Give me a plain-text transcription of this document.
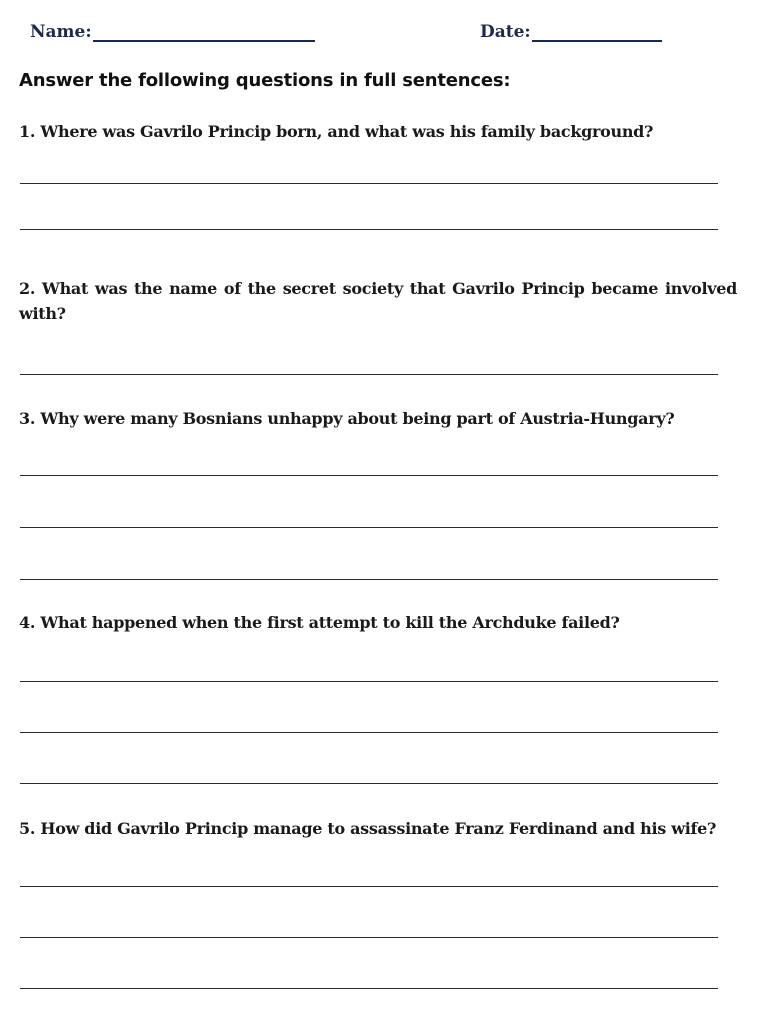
Name:	Date:
Answer the following questions in full sentences:
1. Where was Gavrilo Princip born, and what was his family background?
2. What was the name of the secret society that Gavrilo Princip became involved with?
3. Why were many Bosnians unhappy about being part of Austria-Hungary?
4. What happened when the first attempt to kill the Archduke failed?
5. How did Gavrilo Princip manage to assassinate Franz Ferdinand and his wife?
